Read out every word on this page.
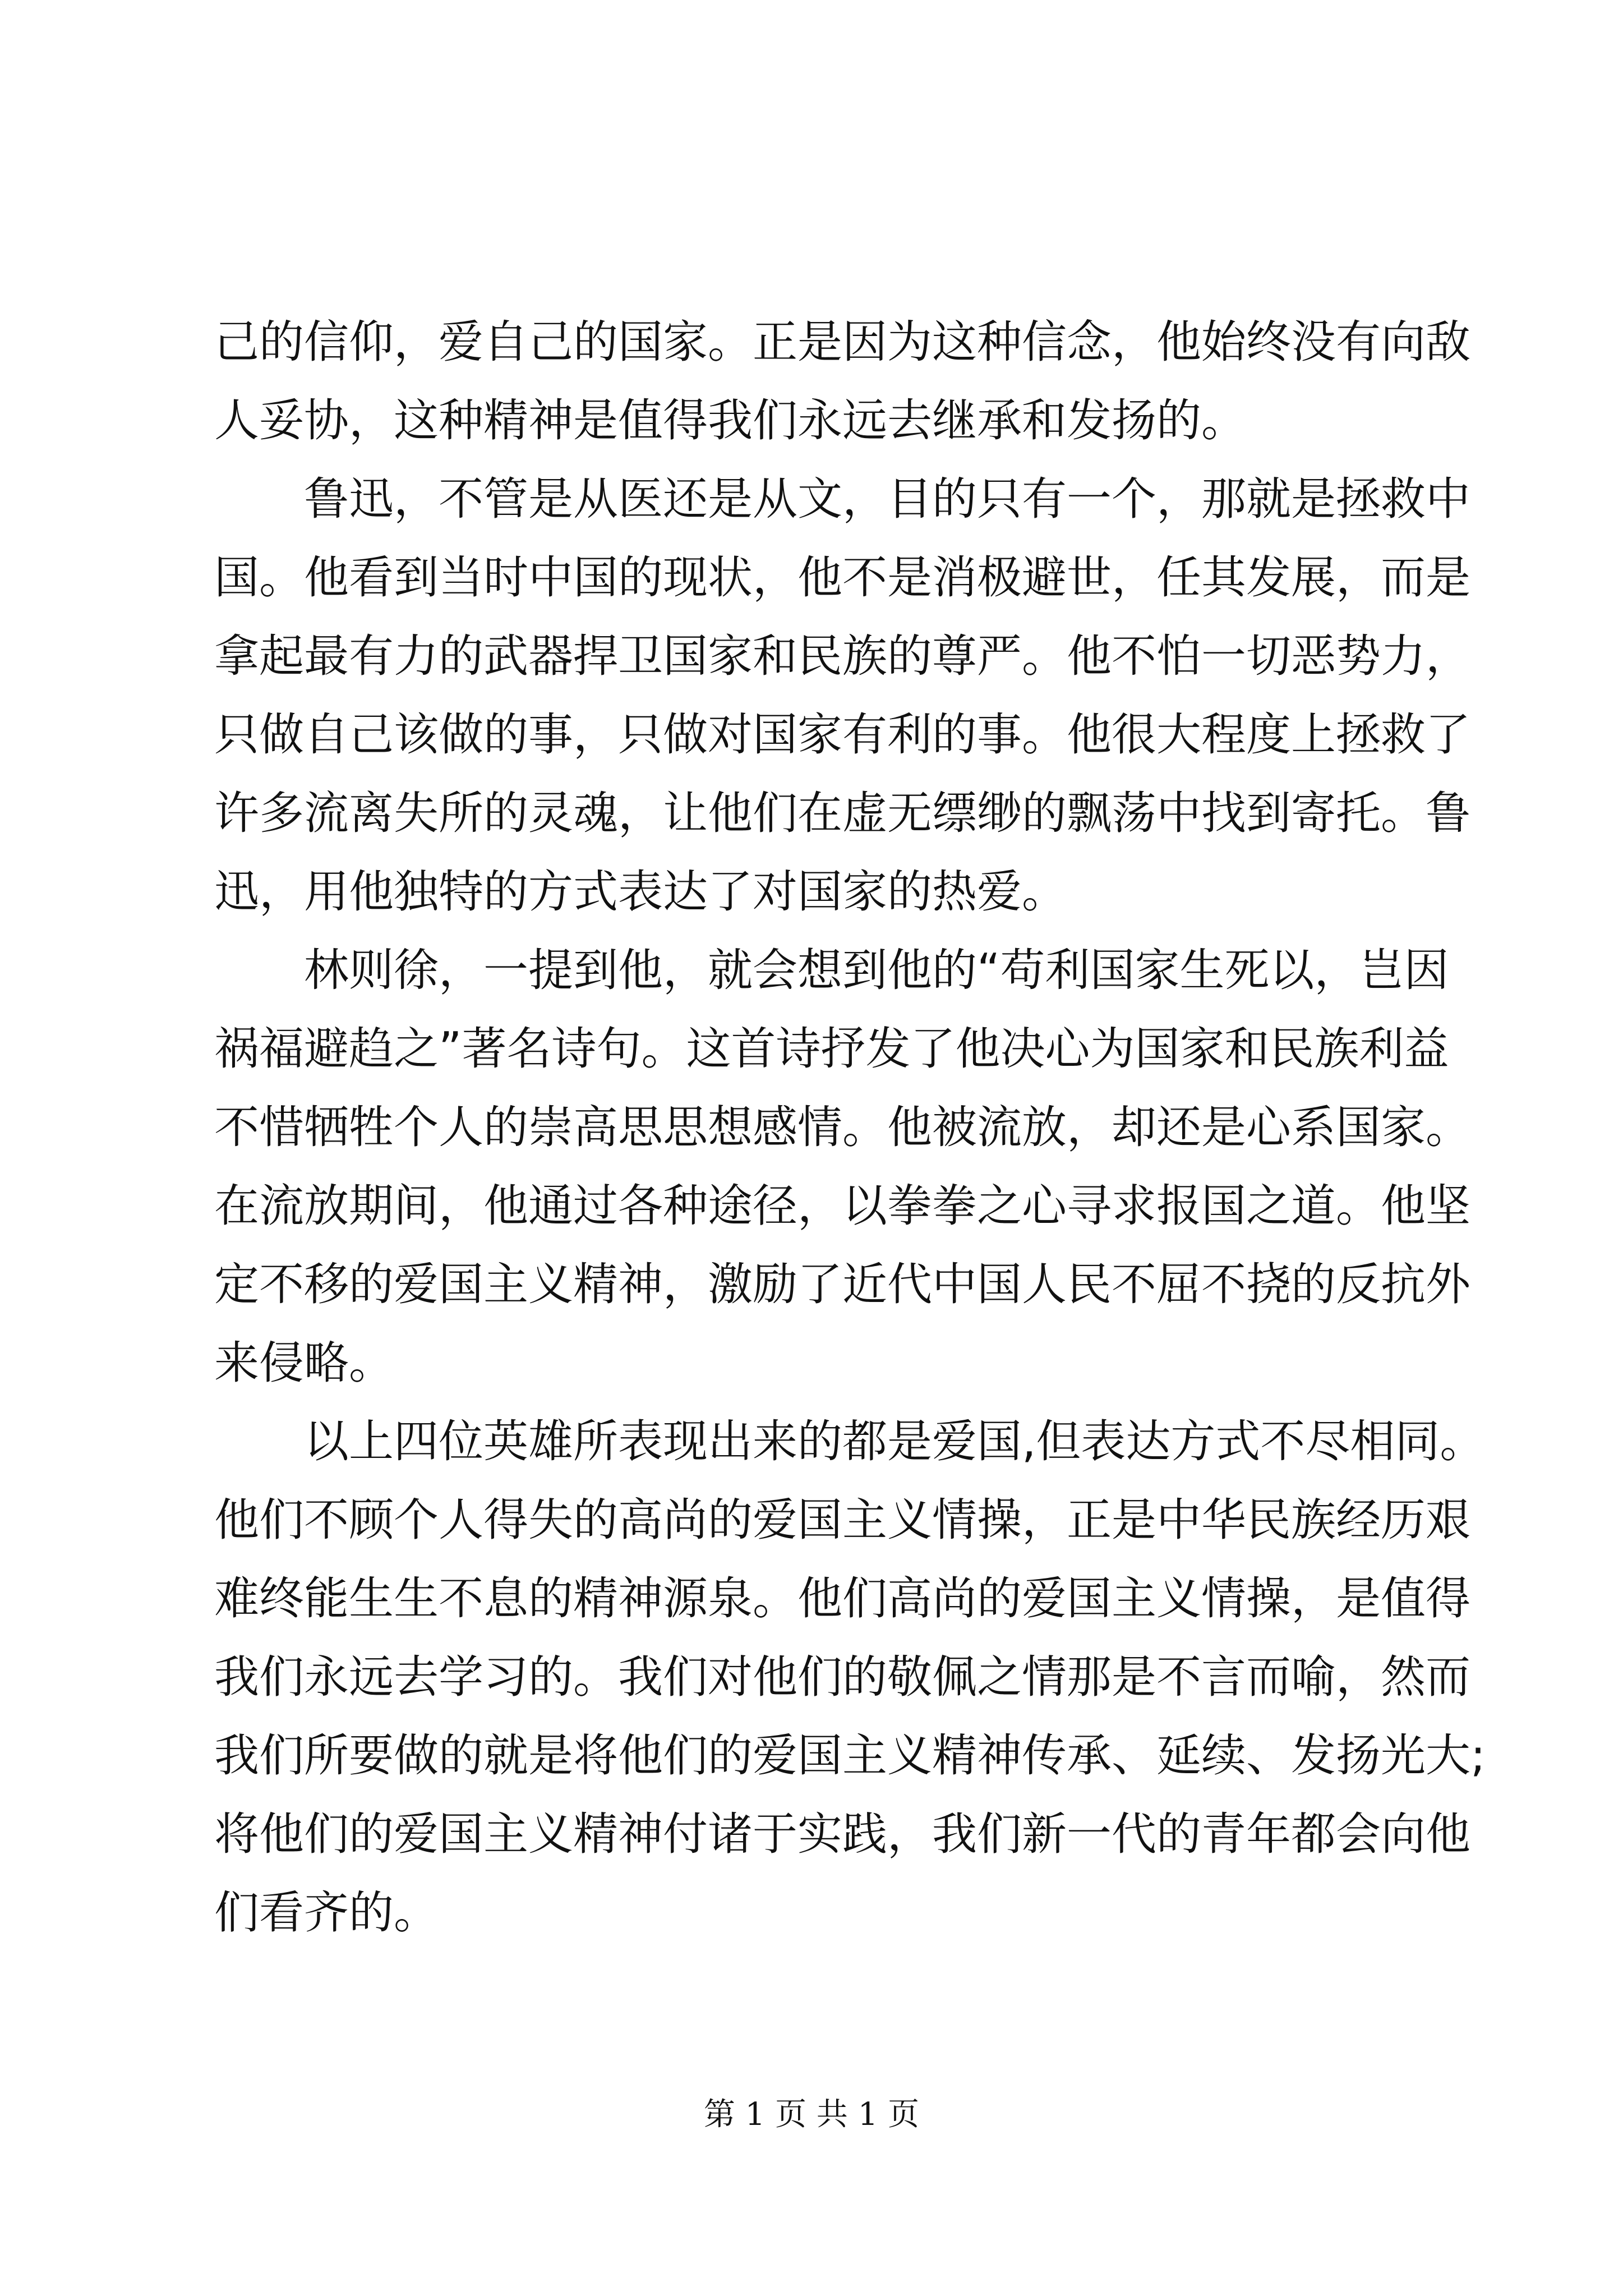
己的信仰，爱自己的国家。正是因为这种信念，他始终没有向敌

人妥协，这种精神是值得我们永远去继承和发扬的。

鲁迅，不管是从医还是从文，目的只有一个，那就是拯救中

国。他看到当时中国的现状，他不是消极避世，任其发展，而是

拿起最有力的武器捍卫国家和民族的尊严。他不怕一切恶势力，

只做自己该做的事，只做对国家有利的事。他很大程度上拯救了

许多流离失所的灵魂，让他们在虚无缥缈的飘荡中找到寄托。鲁

迅，用他独特的方式表达了对国家的热爱。

林则徐，一提到他，就会想到他的“苟利国家生死以，岂因

祸福避趋之”著名诗句。这首诗抒发了他决心为国家和民族利益

不惜牺牲个人的崇高思思想感情。他被流放，却还是心系国家。

在流放期间，他通过各种途径，以拳拳之心寻求报国之道。他坚

定不移的爱国主义精神，激励了近代中国人民不屈不挠的反抗外

来侵略。

以上四位英雄所表现出来的都是爱国,但表达方式不尽相同。

他们不顾个人得失的高尚的爱国主义情操，正是中华民族经历艰

难终能生生不息的精神源泉。他们高尚的爱国主义情操，是值得

我们永远去学习的。我们对他们的敬佩之情那是不言而喻，然而

我们所要做的就是将他们的爱国主义精神传承、延续、发扬光大;

将他们的爱国主义精神付诸于实践，我们新一代的青年都会向他

们看齐的。

第 1 页 共 1 页
